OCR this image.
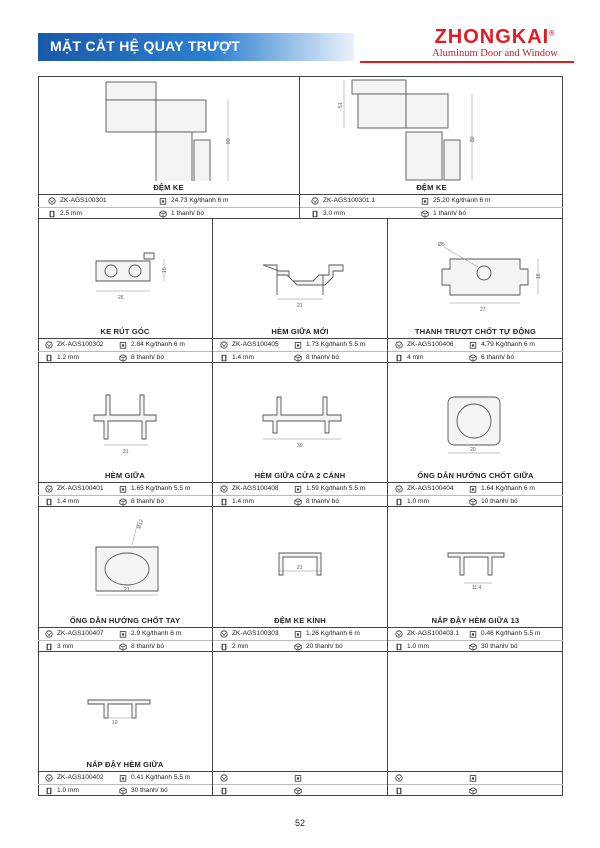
MẶT CẮT HỆ QUAY TRƯỢT	ZHONGKAI®
Aluminum Door and Window
80
ĐỆM KE
ZK-AGS100301	24.73 Kg/thanh 6 m
2.5 mm	1 thanh/ bó
51
80
ĐỆM KE
ZK-AGS100301.1	25.20 Kg/thanh 6 m
3.0 mm	1 thanh/ bó
15
26
KE RÚT GÓC
ZK-AGS100302	2.84 Kg/thanh 6 m
1.2 mm	8 thanh/ bó
21
HÈM GIỮA MỚI
ZK-AGS100405	1.73 Kg/thanh 5.5 m
1.4 mm	8 thanh/ bó
Ø5
16
27
THANH TRƯỢT CHỐT TỰ ĐỘNG
ZK-AGS100406	4.79 Kg/thanh 6 m
4 mm	6 thanh/ bó
21
HÈM GIỮA
ZK-AGS100401	1.65 Kg/thanh 5.5 m
1.4 mm	8 thanh/ bó
30
HÈM GIỮA CỬA 2 CÁNH
ZK-AGS100408	1.59 Kg/thanh 5.5 m
1.4 mm	8 thanh/ bó
20
ỐNG DẪN HƯỚNG CHỐT GIỮA
ZK-AGS100404	1.64 Kg/thanh 6 m
1.0 mm	10 thanh/ bó
Ø12
21
ỐNG DẪN HƯỚNG CHỐT TAY
ZK-AGS100407	2.9 Kg/thanh 6 m
3 mm	8 thanh/ bó
21
ĐỆM KE KÍNH
ZK-AGS100303	1.26 Kg/thanh 6 m
2 mm	20 thanh/ bó
11.4
NẮP ĐẬY HÈM GIỮA 13
ZK-AGS100403.1	0.46 Kg/thanh 5.5 m
1.0 mm	30 thanh/ bó
10
NẮP ĐẬY HÈM GIỮA
ZK-AGS100402	0.41 Kg/thanh 5.5 m
1.0 mm	30 thanh/ bó
52
